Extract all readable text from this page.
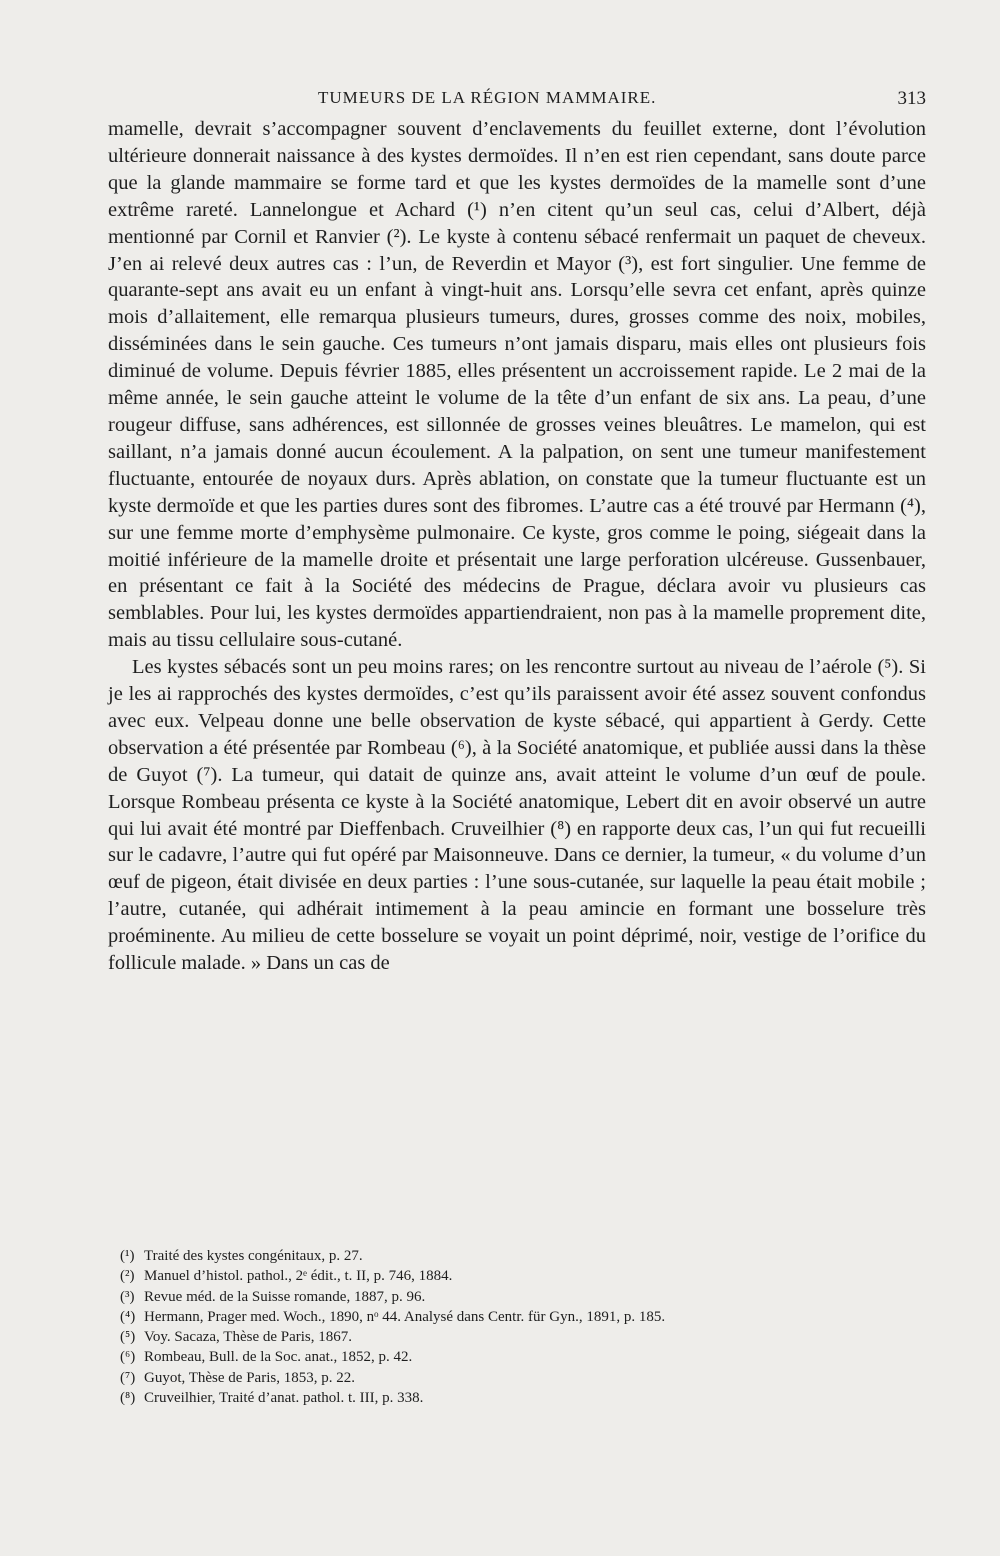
TUMEURS DE LA RÉGION MAMMAIRE.	313

mamelle, devrait s’accompagner souvent d’enclavements du feuillet externe, dont l’évolution ultérieure donnerait naissance à des kystes dermoïdes. Il n’en est rien cependant, sans doute parce que la glande mammaire se forme tard et que les kystes dermoïdes de la mamelle sont d’une extrême rareté. Lannelongue et Achard (¹) n’en citent qu’un seul cas, celui d’Albert, déjà mentionné par Cornil et Ranvier (²). Le kyste à contenu sébacé renfermait un paquet de cheveux. J’en ai relevé deux autres cas : l’un, de Reverdin et Mayor (³), est fort singulier. Une femme de quarante-sept ans avait eu un enfant à vingt-huit ans. Lorsqu’elle sevra cet enfant, après quinze mois d’allaitement, elle remarqua plusieurs tumeurs, dures, grosses comme des noix, mobiles, disséminées dans le sein gauche. Ces tumeurs n’ont jamais disparu, mais elles ont plusieurs fois diminué de volume. Depuis février 1885, elles présentent un accroissement rapide. Le 2 mai de la même année, le sein gauche atteint le volume de la tête d’un enfant de six ans. La peau, d’une rougeur diffuse, sans adhérences, est sillonnée de grosses veines bleuâtres. Le mamelon, qui est saillant, n’a jamais donné aucun écoulement. A la palpation, on sent une tumeur manifestement fluctuante, entourée de noyaux durs. Après ablation, on constate que la tumeur fluctuante est un kyste dermoïde et que les parties dures sont des fibromes. L’autre cas a été trouvé par Hermann (⁴), sur une femme morte d’emphysème pulmonaire. Ce kyste, gros comme le poing, siégeait dans la moitié inférieure de la mamelle droite et présentait une large perforation ulcéreuse. Gussenbauer, en présentant ce fait à la Société des médecins de Prague, déclara avoir vu plusieurs cas semblables. Pour lui, les kystes dermoïdes appartiendraient, non pas à la mamelle proprement dite, mais au tissu cellulaire sous-cutané.

Les kystes sébacés sont un peu moins rares; on les rencontre surtout au niveau de l’aérole (⁵). Si je les ai rapprochés des kystes dermoïdes, c’est qu’ils paraissent avoir été assez souvent confondus avec eux. Velpeau donne une belle observation de kyste sébacé, qui appartient à Gerdy. Cette observation a été présentée par Rombeau (⁶), à la Société anatomique, et publiée aussi dans la thèse de Guyot (⁷). La tumeur, qui datait de quinze ans, avait atteint le volume d’un œuf de poule. Lorsque Rombeau présenta ce kyste à la Société anatomique, Lebert dit en avoir observé un autre qui lui avait été montré par Dieffenbach. Cruveilhier (⁸) en rapporte deux cas, l’un qui fut recueilli sur le cadavre, l’autre qui fut opéré par Maisonneuve. Dans ce dernier, la tumeur, « du volume d’un œuf de pigeon, était divisée en deux parties : l’une sous-cutanée, sur laquelle la peau était mobile ; l’autre, cutanée, qui adhérait intimement à la peau amincie en formant une bosselure très proéminente. Au milieu de cette bosselure se voyait un point déprimé, noir, vestige de l’orifice du follicule malade. » Dans un cas de

(¹) Traité des kystes congénitaux, p. 27.

(²) Manuel d’histol. pathol., 2ᵉ édit., t. II, p. 746, 1884.

(³) Revue méd. de la Suisse romande, 1887, p. 96.

(⁴) Hermann, Prager med. Woch., 1890, nᵒ 44. Analysé dans Centr. für Gyn., 1891, p. 185.

(⁵) Voy. Sacaza, Thèse de Paris, 1867.

(⁶) Rombeau, Bull. de la Soc. anat., 1852, p. 42.

(⁷) Guyot, Thèse de Paris, 1853, p. 22.

(⁸) Cruveilhier, Traité d’anat. pathol. t. III, p. 338.
